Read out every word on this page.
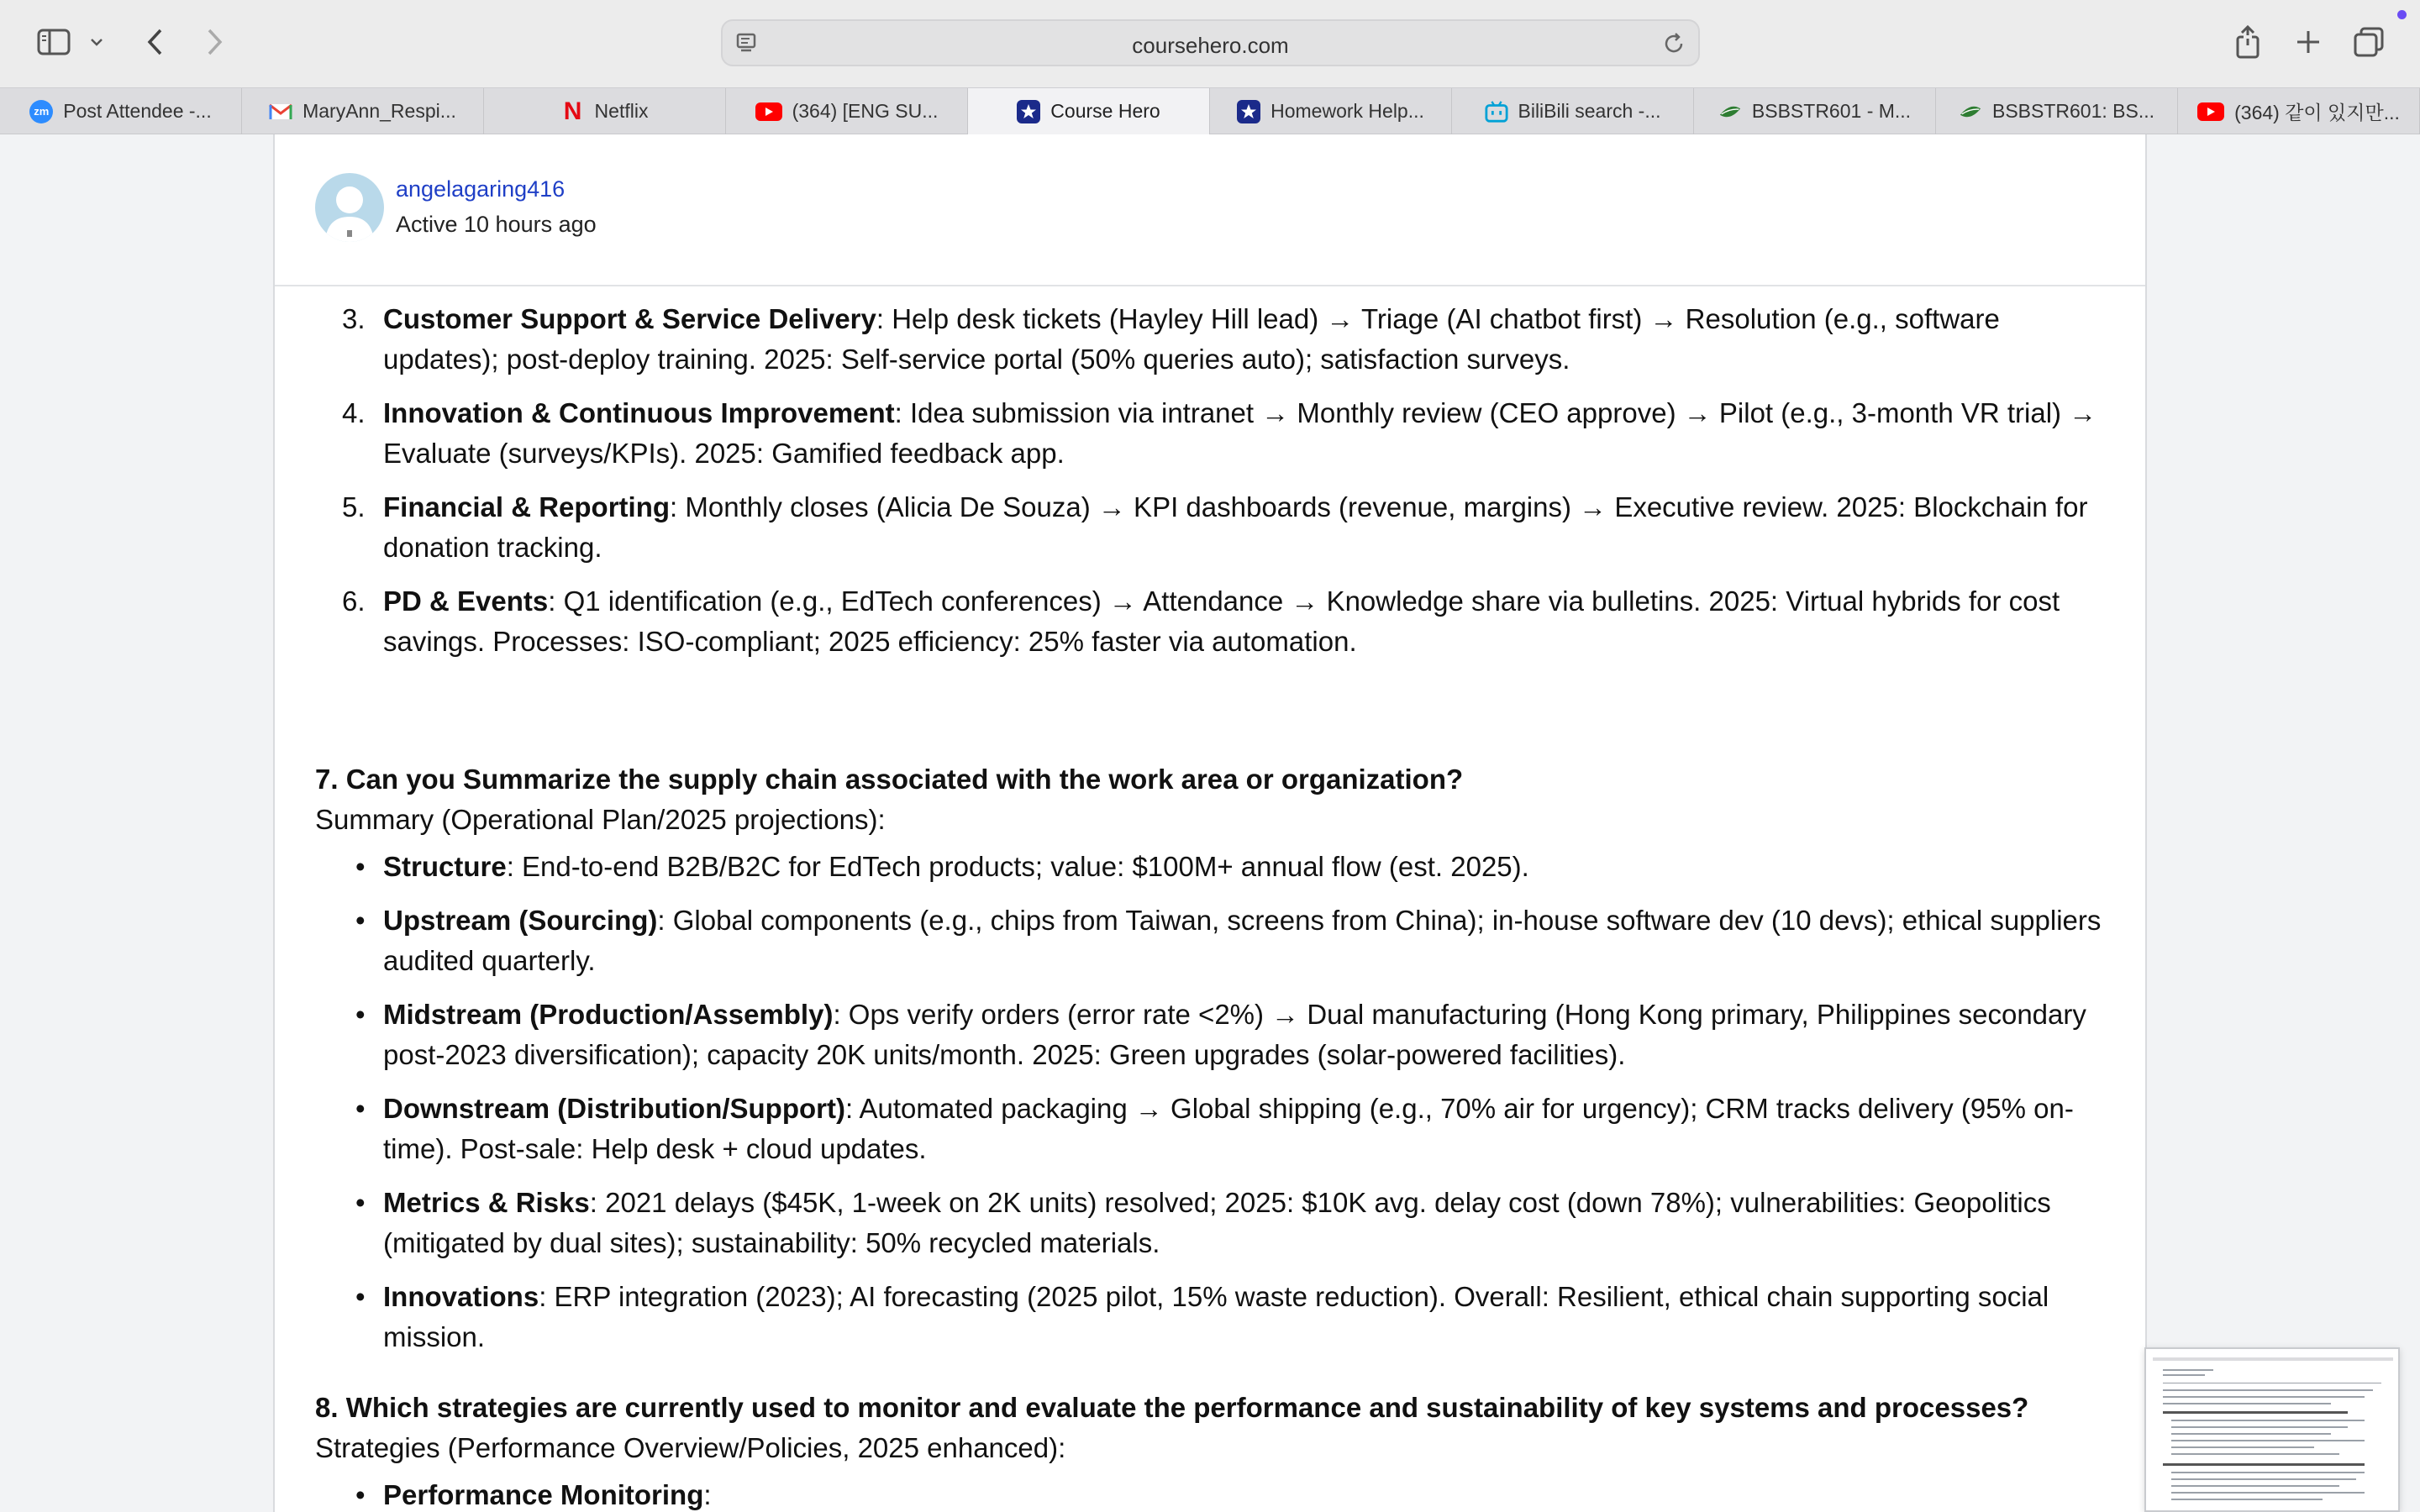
coursehero.com
zm Post Attendee -...	MaryAnn_Respi...	N Netflix	(364) [ENG SU...	Course Hero	Homework Help...	BiliBili search -...	BSBSTR601 - M...	BSBSTR601: BS...	(364) 같이 있지만...
angelagaring416
Active 10 hours ago
3. Customer Support & Service Delivery: Help desk tickets (Hayley Hill lead) → Triage (AI chatbot first) → Resolution (e.g., software updates); post-deploy training. 2025: Self-service portal (50% queries auto); satisfaction surveys.
4. Innovation & Continuous Improvement: Idea submission via intranet → Monthly review (CEO approve) → Pilot (e.g., 3-month VR trial) → Evaluate (surveys/KPIs). 2025: Gamified feedback app.
5. Financial & Reporting: Monthly closes (Alicia De Souza) → KPI dashboards (revenue, margins) → Executive review. 2025: Blockchain for donation tracking.
6. PD & Events: Q1 identification (e.g., EdTech conferences) → Attendance → Knowledge share via bulletins. 2025: Virtual hybrids for cost savings. Processes: ISO-compliant; 2025 efficiency: 25% faster via automation.
7. Can you Summarize the supply chain associated with the work area or organization?
Summary (Operational Plan/2025 projections):
• Structure: End-to-end B2B/B2C for EdTech products; value: $100M+ annual flow (est. 2025).
• Upstream (Sourcing): Global components (e.g., chips from Taiwan, screens from China); in-house software dev (10 devs); ethical suppliers audited quarterly.
• Midstream (Production/Assembly): Ops verify orders (error rate <2%) → Dual manufacturing (Hong Kong primary, Philippines secondary post-2023 diversification); capacity 20K units/month. 2025: Green upgrades (solar-powered facilities).
• Downstream (Distribution/Support): Automated packaging → Global shipping (e.g., 70% air for urgency); CRM tracks delivery (95% on-time). Post-sale: Help desk + cloud updates.
• Metrics & Risks: 2021 delays ($45K, 1-week on 2K units) resolved; 2025: $10K avg. delay cost (down 78%); vulnerabilities: Geopolitics (mitigated by dual sites); sustainability: 50% recycled materials.
• Innovations: ERP integration (2023); AI forecasting (2025 pilot, 15% waste reduction). Overall: Resilient, ethical chain supporting social mission.
8. Which strategies are currently used to monitor and evaluate the performance and sustainability of key systems and processes?
Strategies (Performance Overview/Policies, 2025 enhanced):
• Performance Monitoring:
